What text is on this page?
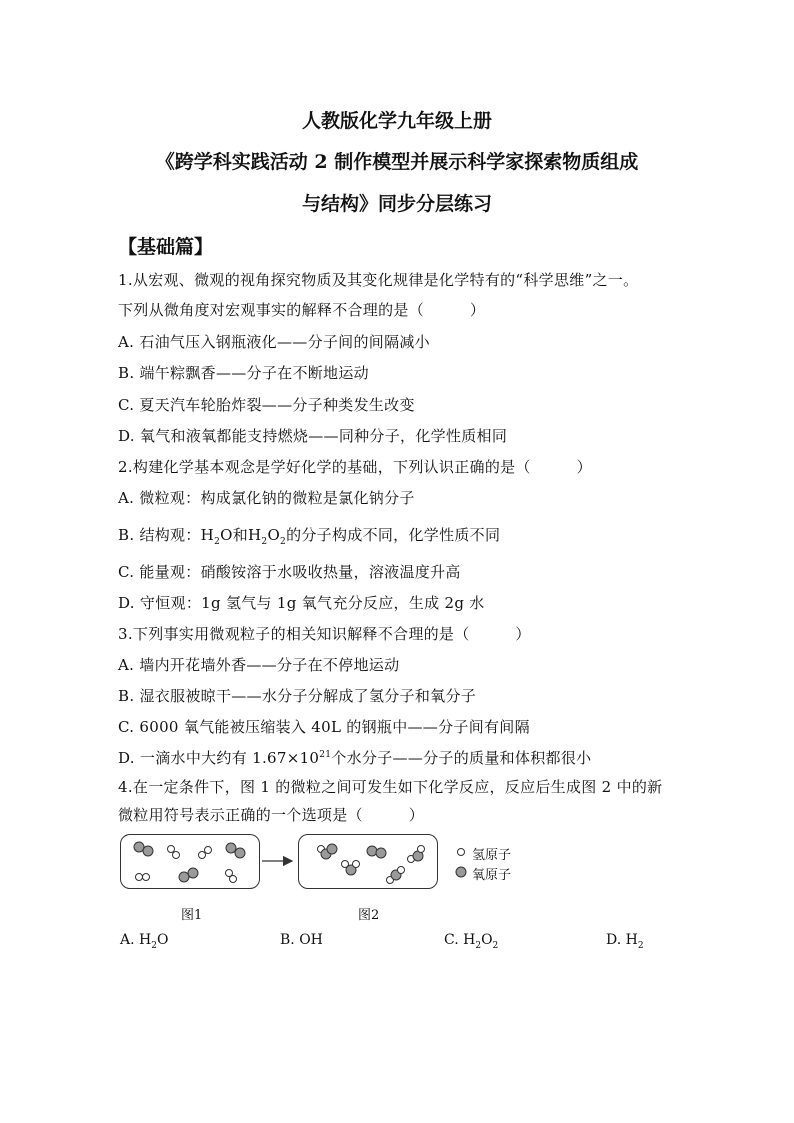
人教版化学九年级上册
《跨学科实践活动 2 制作模型并展示科学家探索物质组成
与结构》同步分层练习
【基础篇】
1.从宏观、微观的视角探究物质及其变化规律是化学特有的“科学思维”之一。
下列从微角度对宏观事实的解释不合理的是（　　　）
A. 石油气压入钢瓶液化——分子间的间隔减小
B. 端午粽飘香——分子在不断地运动
C. 夏天汽车轮胎炸裂——分子种类发生改变
D. 氧气和液氧都能支持燃烧——同种分子，化学性质相同
2.构建化学基本观念是学好化学的基础，下列认识正确的是（　　　）
A. 微粒观：构成氯化钠的微粒是氯化钠分子
B. 结构观：$H_2O$和$H_2O_2$的分子构成不同，化学性质不同
C. 能量观：硝酸铵溶于水吸收热量，溶液温度升高
D. 守恒观：1g 氢气与 1g 氧气充分反应，生成 2g 水
3.下列事实用微观粒子的相关知识解释不合理的是（　　　）
A. 墙内开花墙外香——分子在不停地运动
B. 湿衣服被晾干——水分子分解成了氢分子和氧分子
C. 6000 氧气能被压缩装入 40L 的钢瓶中——分子间有间隔
D. 一滴水中大约有 $1.67\times 10^{21}$个水分子——分子的质量和体积都很小
4.在一定条件下，图 1 的微粒之间可发生如下化学反应，反应后生成图 2 中的新
微粒用符号表示正确的一个选项是（　　　）
氢原子
氧原子
图1	图2
A. $H_2O$	B. OH	C. $H_2O_2$	D. $H_2$
